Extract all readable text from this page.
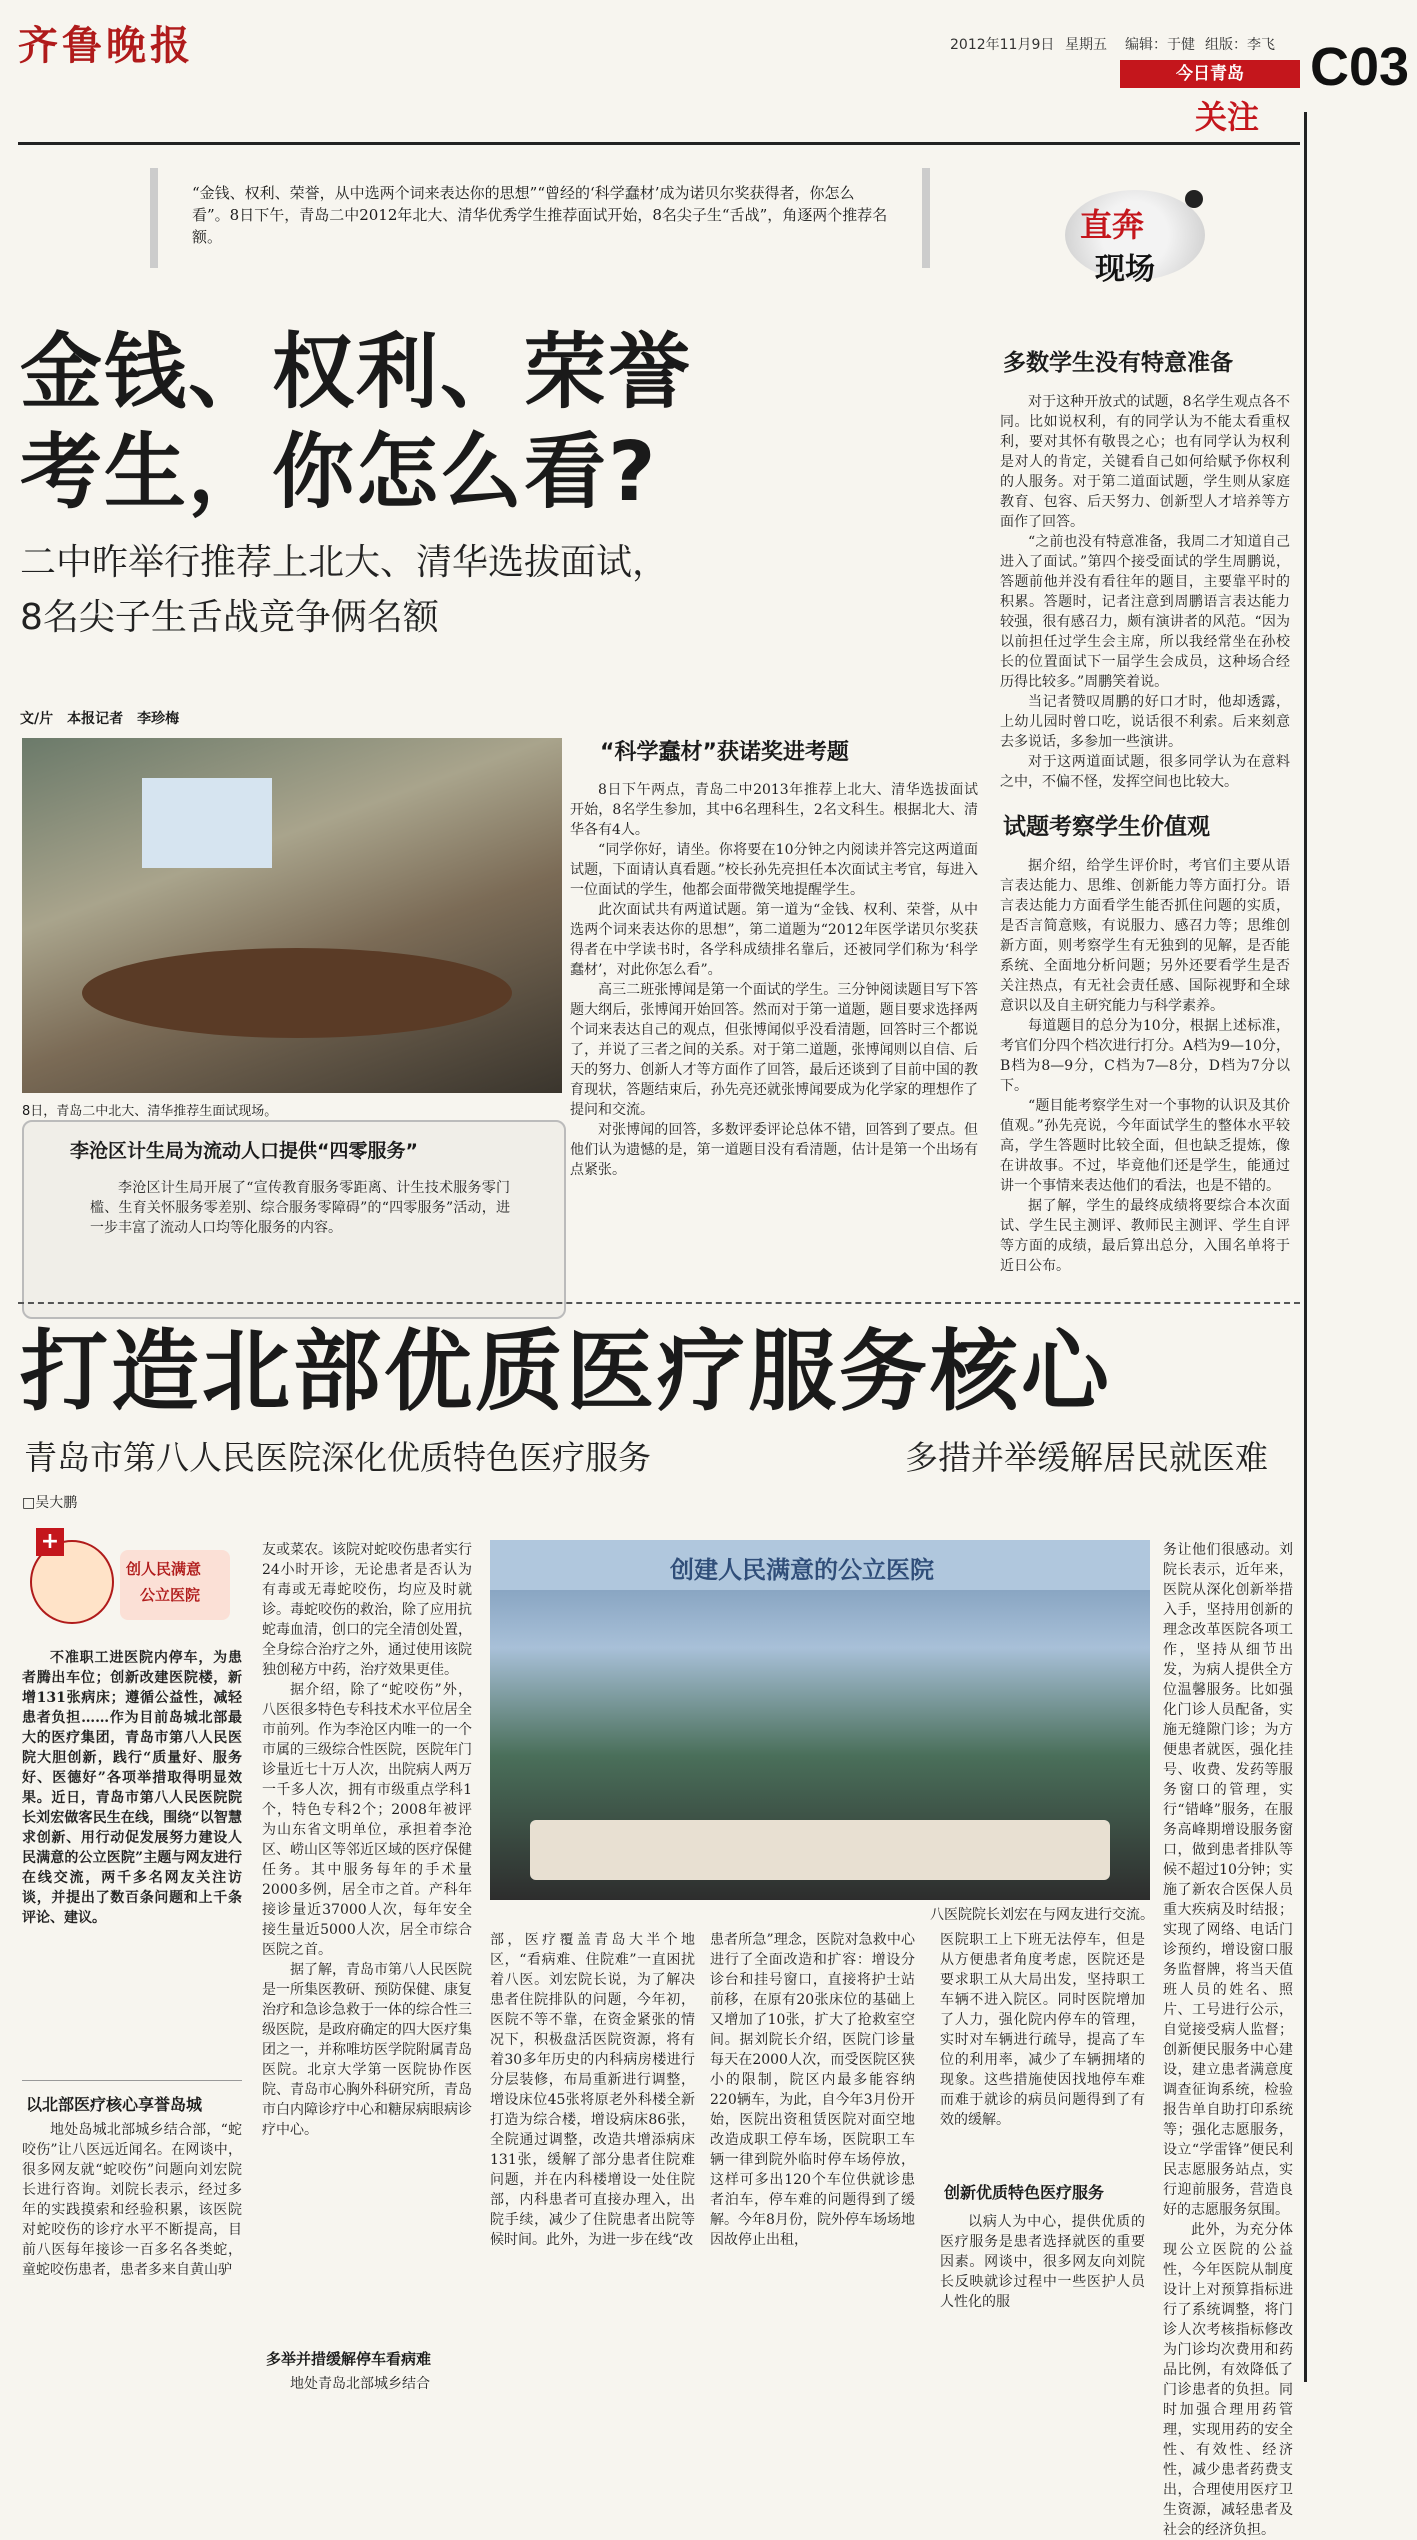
齐鲁晚报	2012年11月9日 星期五 编辑：于健 组版：李飞
今日青岛
关注
C03
“金钱、权利、荣誉，从中选两个词来表达你的思想”“曾经的‘科学蠢材’成为诺贝尔奖获得者，你怎么看”。8日下午，青岛二中2012年北大、清华优秀学生推荐面试开始，8名尖子生“舌战”，角逐两个推荐名额。	直奔
现场
金钱、权利、荣誉
考生，你怎么看?
二中昨举行推荐上北大、清华选拔面试，
8名尖子生舌战竞争俩名额
文/片　本报记者　李珍梅
8日，青岛二中北大、清华推荐生面试现场。
李沧区计生局为流动人口提供“四零服务”
李沧区计生局开展了“宣传教育服务零距离、计生技术服务零门槛、生育关怀服务零差别、综合服务零障碍”的“四零服务”活动，进一步丰富了流动人口均等化服务的内容。
“科学蠢材”获诺奖进考题

8日下午两点，青岛二中2013年推荐上北大、清华选拔面试开始，8名学生参加，其中6名理科生，2名文科生。根据北大、清华各有4人。

“同学你好，请坐。你将要在10分钟之内阅读并答完这两道面试题，下面请认真看题。”校长孙先亮担任本次面试主考官，每进入一位面试的学生，他都会面带微笑地提醒学生。

此次面试共有两道试题。第一道为“金钱、权利、荣誉，从中选两个词来表达你的思想”，第二道题为“2012年医学诺贝尔奖获得者在中学读书时，各学科成绩排名靠后，还被同学们称为‘科学蠢材’，对此你怎么看”。

高三二班张博闻是第一个面试的学生。三分钟阅读题目写下答题大纲后，张博闻开始回答。然而对于第一道题，题目要求选择两个词来表达自己的观点，但张博闻似乎没看清题，回答时三个都说了，并说了三者之间的关系。对于第二道题，张博闻则以自信、后天的努力、创新人才等方面作了回答，最后还谈到了目前中国的教育现状，答题结束后，孙先亮还就张博闻要成为化学家的理想作了提问和交流。

对张博闻的回答，多数评委评论总体不错，回答到了要点。但他们认为遗憾的是，第一道题目没有看清题，估计是第一个出场有点紧张。

多数学生没有特意准备

对于这种开放式的试题，8名学生观点各不同。比如说权利，有的同学认为不能太看重权利，要对其怀有敬畏之心；也有同学认为权利是对人的肯定，关键看自己如何给赋予你权利的人服务。对于第二道面试题，学生则从家庭教育、包容、后天努力、创新型人才培养等方面作了回答。

“之前也没有特意准备，我周二才知道自己进入了面试。”第四个接受面试的学生周鹏说，答题前他并没有看往年的题目，主要靠平时的积累。答题时，记者注意到周鹏语言表达能力较强，很有感召力，颇有演讲者的风范。“因为以前担任过学生会主席，所以我经常坐在孙校长的位置面试下一届学生会成员，这种场合经历得比较多。”周鹏笑着说。

当记者赞叹周鹏的好口才时，他却透露，上幼儿园时曾口吃，说话很不利索。后来刻意去多说话，多参加一些演讲。

对于这两道面试题，很多同学认为在意料之中，不偏不怪，发挥空间也比较大。

试题考察学生价值观

据介绍，给学生评价时，考官们主要从语言表达能力、思维、创新能力等方面打分。语言表达能力方面看学生能否抓住问题的实质，是否言简意赅，有说服力、感召力等；思维创新方面，则考察学生有无独到的见解，是否能系统、全面地分析问题；另外还要看学生是否关注热点，有无社会责任感、国际视野和全球意识以及自主研究能力与科学素养。

每道题目的总分为10分，根据上述标准，考官们分四个档次进行打分。A档为9—10分，B档为8—9分，C档为7—8分，D档为7分以下。

“题目能考察学生对一个事物的认识及其价值观。”孙先亮说，今年面试学生的整体水平较高，学生答题时比较全面，但也缺乏提炼，像在讲故事。不过，毕竟他们还是学生，能通过讲一个事情来表达他们的看法，也是不错的。

据了解，学生的最终成绩将要综合本次面试、学生民主测评、教师民主测评、学生自评等方面的成绩，最后算出总分，入围名单将于近日公布。

打造北部优质医疗服务核心
青岛市第八人民医院深化优质特色医疗服务	多措并举缓解居民就医难
□吴大鹏
+
创人民满意
公立医院
不准职工进医院内停车，为患者腾出车位；创新改建医院楼，新增131张病床；遵循公益性，减轻患者负担……作为目前岛城北部最大的医疗集团，青岛市第八人民医院大胆创新，践行“质量好、服务好、医德好”各项举措取得明显效果。近日，青岛市第八人民医院院长刘宏做客民生在线，围绕“以智慧求创新、用行动促发展努力建设人民满意的公立医院”主题与网友进行在线交流，两千多名网友关注访谈，并提出了数百条问题和上千条评论、建议。
以北部医疗核心享誉岛城
地处岛城北部城乡结合部，“蛇咬伤”让八医远近闻名。在网谈中，很多网友就“蛇咬伤”问题向刘宏院长进行咨询。刘院长表示，经过多年的实践摸索和经验积累，该医院对蛇咬伤的诊疗水平不断提高，目前八医每年接诊一百多名各类蛇，童蛇咬伤患者，患者多来自黄山驴

友或菜农。该院对蛇咬伤患者实行24小时开诊，无论患者是否认为有毒或无毒蛇咬伤，均应及时就诊。毒蛇咬伤的救治，除了应用抗蛇毒血清，创口的完全清创处置，全身综合治疗之外，通过使用该院独创秘方中药，治疗效果更佳。

据介绍，除了“蛇咬伤”外，八医很多特色专科技术水平位居全市前列。作为李沧区内唯一的一个市属的三级综合性医院，医院年门诊量近七十万人次，出院病人两万一千多人次，拥有市级重点学科1个，特色专科2个；2008年被评为山东省文明单位，承担着李沧区、崂山区等邻近区域的医疗保健任务。其中服务每年的手术量2000多例，居全市之首。产科年接诊量近37000人次，每年安全接生量近5000人次，居全市综合医院之首。

据了解，青岛市第八人民医院是一所集医教研、预防保健、康复治疗和急诊急救于一体的综合性三级医院，是政府确定的四大医疗集团之一，并称唯坊医学院附属青岛医院。北京大学第一医院协作医院、青岛市心胸外科研究所，青岛市白内障诊疗中心和糖尿病眼病诊疗中心。

创建人民满意的公立医院
八医院院长刘宏在与网友进行交流。
部，医疗覆盖青岛大半个地区，“看病难、住院难”一直困扰着八医。刘宏院长说，为了解决患者住院排队的问题，今年初，医院不等不靠，在资金紧张的情况下，积极盘活医院资源，将有着30多年历史的内科病房楼进行分层装修，布局重新进行调整，增设床位45张将原老外科楼全新打造为综合楼，增设病床86张，全院通过调整，改造共增添病床131张，缓解了部分患者住院难问题，并在内科楼增设一处住院部，内科患者可直接办理入，出院手续，减少了住院患者出院等候时间。此外，为进一步在线“改
患者所急”理念，医院对急救中心进行了全面改造和扩容：增设分诊台和挂号窗口，直接将护士站前移，在原有20张床位的基础上又增加了10张，扩大了抢救室空间。据刘院长介绍，医院门诊量每天在2000人次，而受医院区狭小的限制，院区内最多能容纳220辆车，为此，自今年3月份开始，医院出资租赁医院对面空地改造成职工停车场，医院职工车辆一律到院外临时停车场停放，这样可多出120个车位供就诊患者泊车，停车难的问题得到了缓解。今年8月份，院外停车场场地因故停止出租，
医院职工上下班无法停车，但是从方便患者角度考虑，医院还是要求职工从大局出发，坚持职工车辆不进入院区。同时医院增加了人力，强化院内停车的管理，实时对车辆进行疏导，提高了车位的利用率，减少了车辆拥堵的现象。这些措施使因找地停车难而难于就诊的病员问题得到了有效的缓解。
创新优质特色医疗服务
以病人为中心，提供优质的医疗服务是患者选择就医的重要因素。网谈中，很多网友向刘院长反映就诊过程中一些医护人员人性化的服
多举并措缓解停车看病难
地处青岛北部城乡结合

务让他们很感动。刘院长表示，近年来，医院从深化创新举措入手，坚持用创新的理念改革医院各项工作，坚持从细节出发，为病人提供全方位温馨服务。比如强化门诊人员配备，实施无缝隙门诊；为方便患者就医，强化挂号、收费、发药等服务窗口的管理，实行“错峰”服务，在服务高峰期增设服务窗口，做到患者排队等候不超过10分钟；实施了新农合医保人员重大疾病及时结报；实现了网络、电话门诊预约，增设窗口服务监督牌，将当天值班人员的姓名、照片、工号进行公示，自觉接受病人监督；创新便民服务中心建设，建立患者满意度调查征询系统，检验报告单自助打印系统等；强化志愿服务，设立“学雷锋”便民利民志愿服务站点，实行迎前服务，营造良好的志愿服务氛围。

此外，为充分体现公立医院的公益性，今年医院从制度设计上对预算指标进行了系统调整，将门诊人次考核指标修改为门诊均次费用和药品比例，有效降低了门诊患者的负担。同时加强合理用药管理，实现用药的安全性、有效性、经济性，减少患者药费支出，合理使用医疗卫生资源，减轻患者及社会的经济负担。
